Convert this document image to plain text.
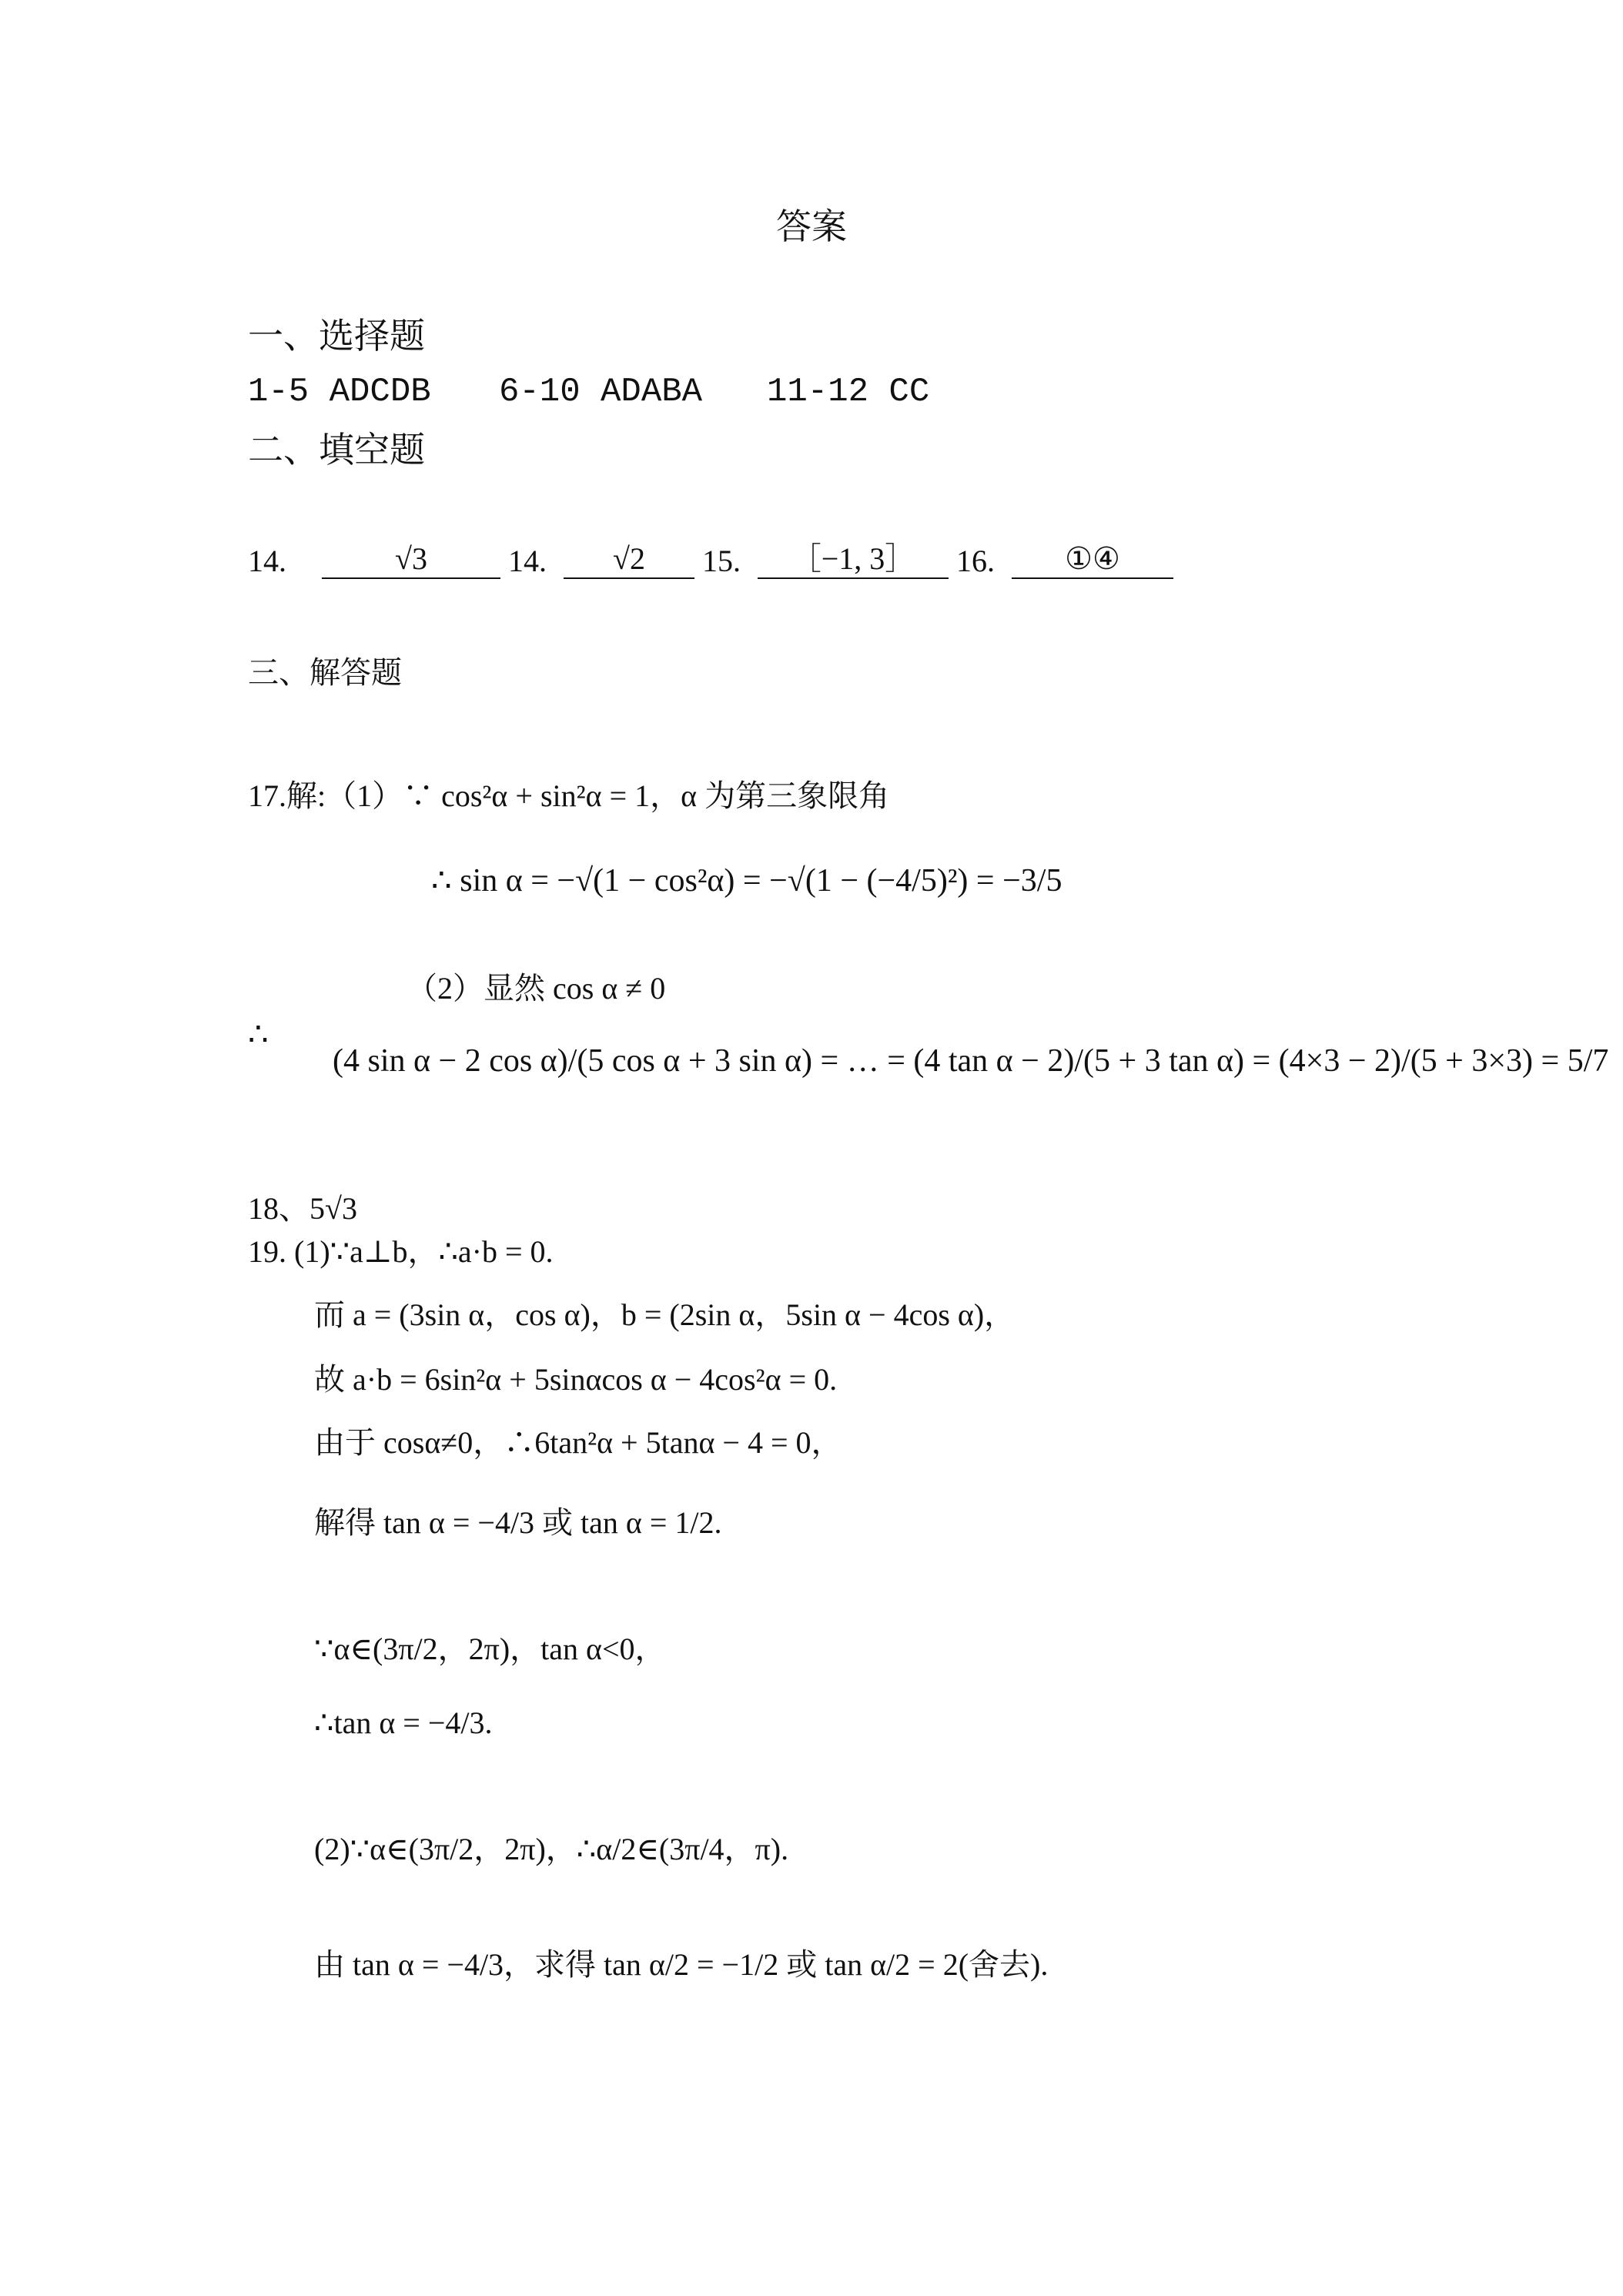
答案
一、选择题
1-5 ADCDB 6-10 ADABA 11-12 CC
二、填空题
14.	√3	14. √2 15. ［−1, 3］ 16. ①④
三、解答题
17.解:（1）∵ cos²α + sin²α = 1，α 为第三象限角
∴ sin α = −√(1 − cos²α) = −√(1 − (−4/5)²) = −3/5
（2）显然 cos α ≠ 0
∴
(4 sin α − 2 cos α)/(5 cos α + 3 sin α) = … = (4 tan α − 2)/(5 + 3 tan α) = (4×3 − 2)/(5 + 3×3) = 5/7
18、5√3
19. (1)∵a⊥b，∴a·b = 0.
而 a = (3sin α，cos α)，b = (2sin α，5sin α − 4cos α)，
故 a·b = 6sin²α + 5sinαcos α − 4cos²α = 0.
由于 cosα≠0，∴6tan²α + 5tanα − 4 = 0，
解得 tan α = −4/3 或 tan α = 1/2.
∵α∈(3π/2，2π)，tan α<0，
∴tan α = −4/3.
(2)∵α∈(3π/2，2π)，∴α/2∈(3π/4，π).
由 tan α = −4/3，求得 tan α/2 = −1/2 或 tan α/2 = 2(舍去).
